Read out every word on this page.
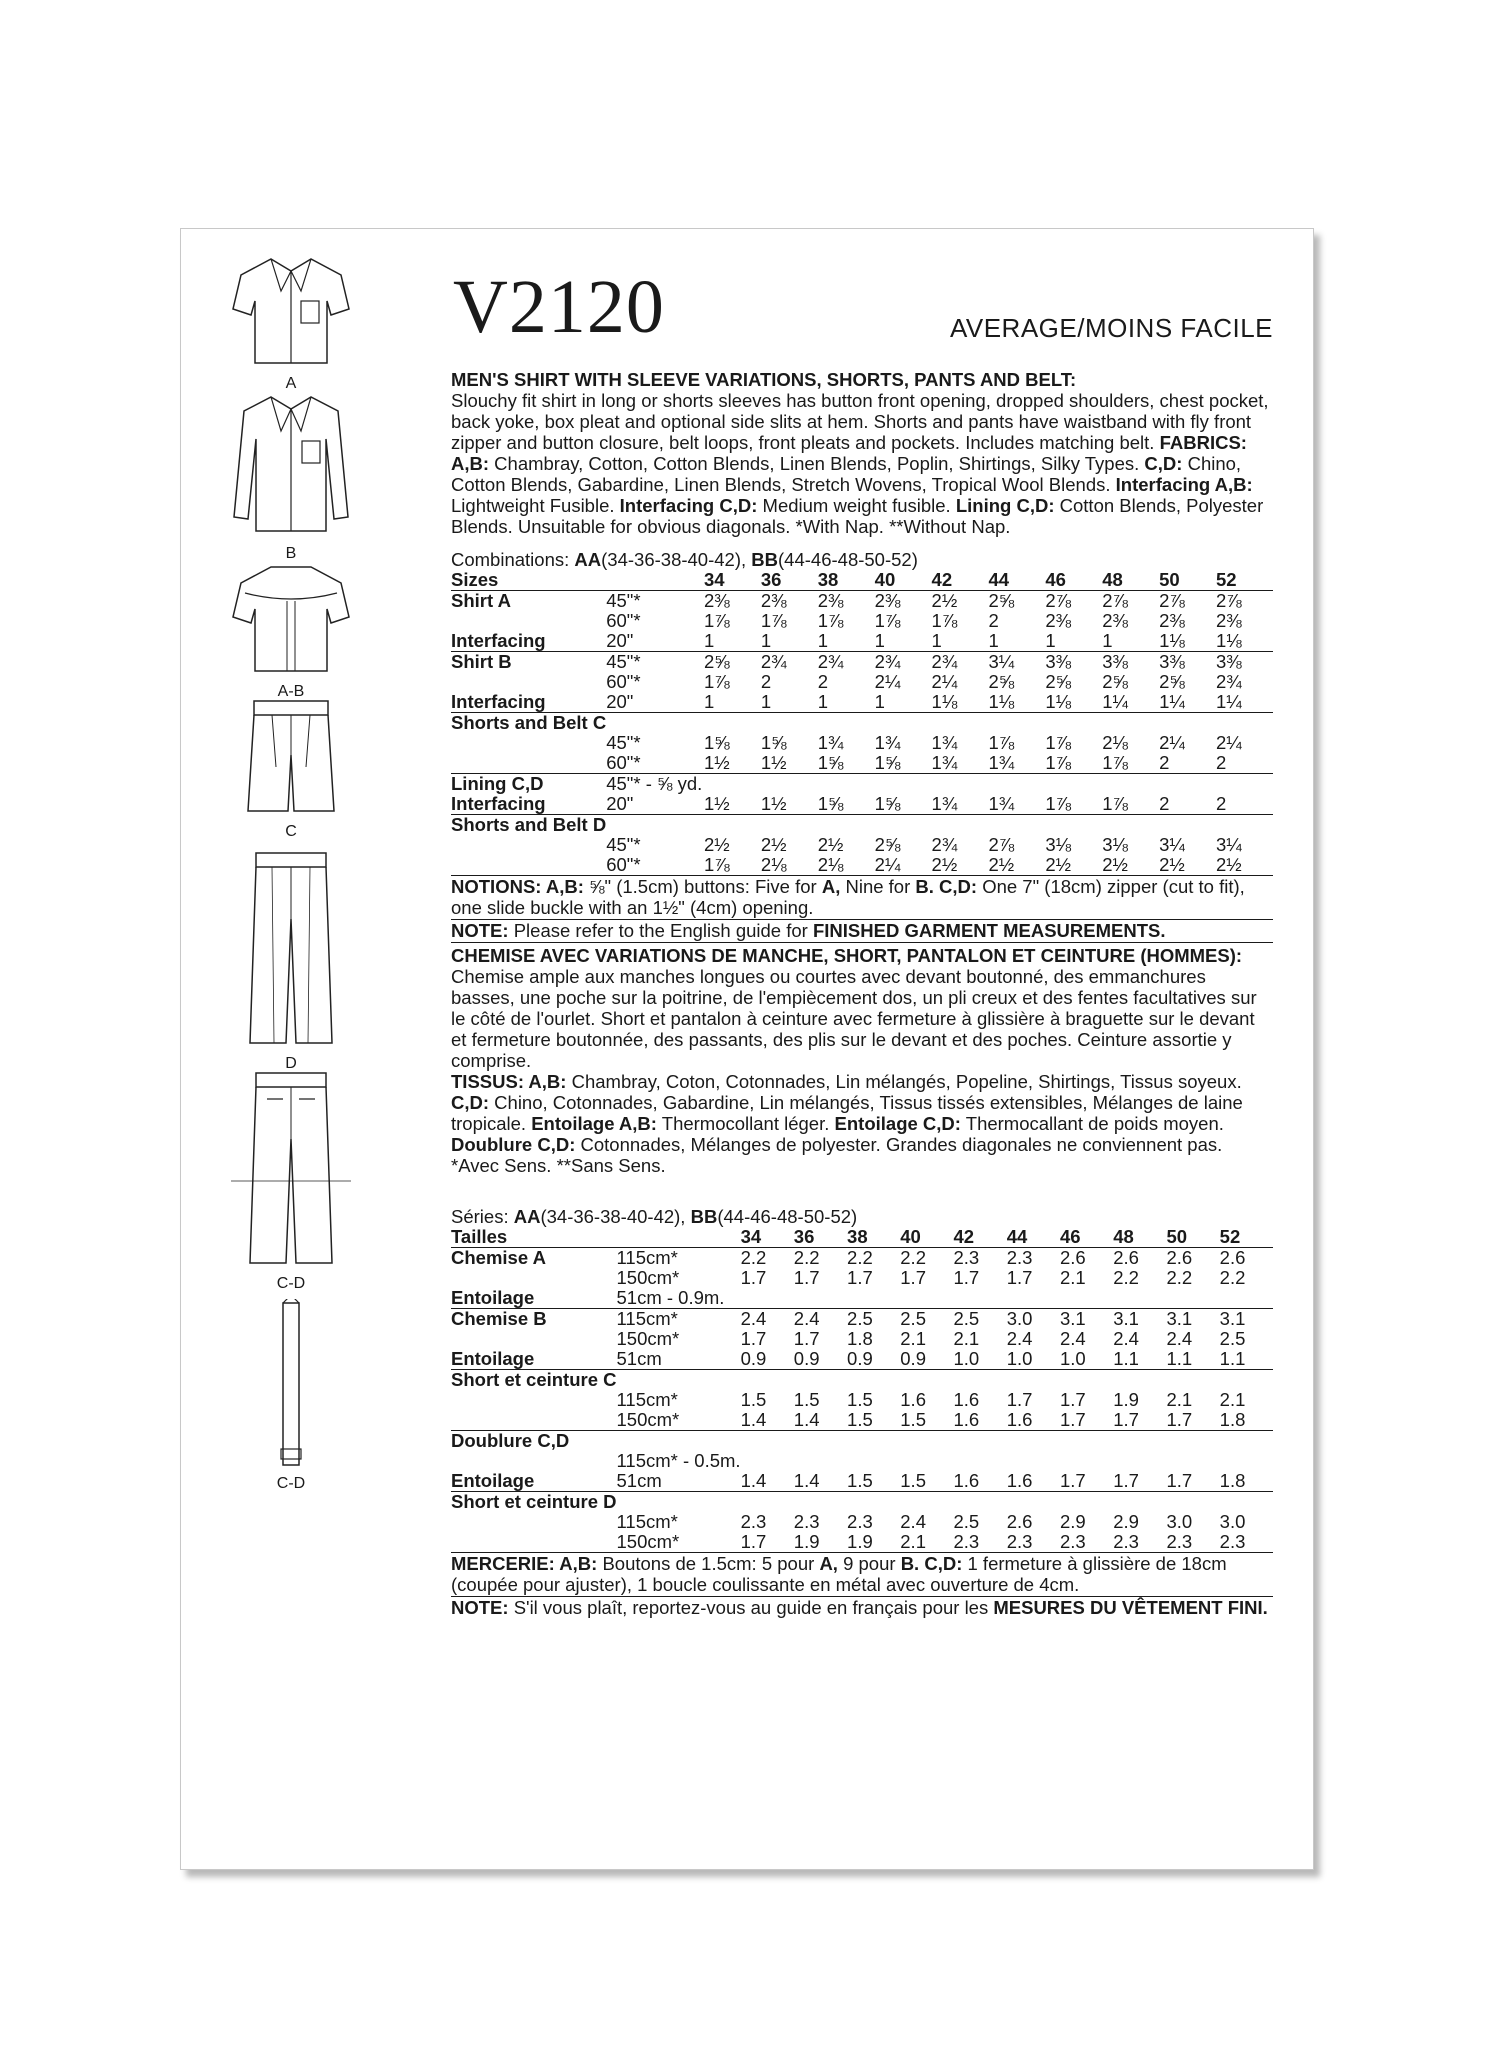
A
B
A-B
C
D
C-D
C-D
V2120	AVERAGE/MOINS FACILE

MEN'S SHIRT WITH SLEEVE VARIATIONS, SHORTS, PANTS AND BELT:
Slouchy fit shirt in long or shorts sleeves has button front opening, dropped shoulders, chest pocket, back yoke, box pleat and optional side slits at hem. Shorts and pants have waistband with fly front zipper and button closure, belt loops, front pleats and pockets. Includes matching belt. FABRICS: A,B: Chambray, Cotton, Cotton Blends, Linen Blends, Poplin, Shirtings, Silky Types. C,D: Chino, Cotton Blends, Gabardine, Linen Blends, Stretch Wovens, Tropical Wool Blends. Interfacing A,B: Lightweight Fusible. Interfacing C,D: Medium weight fusible. Lining C,D: Cotton Blends, Polyester Blends. Unsuitable for obvious diagonals. *With Nap. **Without Nap.

Combinations: AA(34-36-38-40-42), BB(44-46-48-50-52)
Sizes		34	36	38	40	42	44	46	48	50	52
Shirt A	45"*	2⅜	2⅜	2⅜	2⅜	2½	2⅝	2⅞	2⅞	2⅞	2⅞
	60"*	1⅞	1⅞	1⅞	1⅞	1⅞	2	2⅜	2⅜	2⅜	2⅜
Interfacing	20"	1	1	1	1	1	1	1	1	1⅛	1⅛
Shirt B	45"*	2⅝	2¾	2¾	2¾	2¾	3¼	3⅜	3⅜	3⅜	3⅜
	60"*	1⅞	2	2	2¼	2¼	2⅝	2⅝	2⅝	2⅝	2¾
Interfacing	20"	1	1	1	1	1⅛	1⅛	1⅛	1¼	1¼	1¼
Shorts and Belt C											
	45"*	1⅝	1⅝	1¾	1¾	1¾	1⅞	1⅞	2⅛	2¼	2¼
	60"*	1½	1½	1⅝	1⅝	1¾	1¾	1⅞	1⅞	2	2
Lining C,D	45"* - ⅝ yd.										
Interfacing	20"	1½	1½	1⅝	1⅝	1¾	1¾	1⅞	1⅞	2	2
Shorts and Belt D											
	45"*	2½	2½	2½	2⅝	2¾	2⅞	3⅛	3⅛	3¼	3¼
	60"*	1⅞	2⅛	2⅛	2¼	2½	2½	2½	2½	2½	2½
NOTIONS: A,B: ⅝" (1.5cm) buttons: Five for A, Nine for B. C,D: One 7" (18cm) zipper (cut to fit), one slide buckle with an 1½" (4cm) opening.
NOTE: Please refer to the English guide for FINISHED GARMENT MEASUREMENTS.

CHEMISE AVEC VARIATIONS DE MANCHE, SHORT, PANTALON ET CEINTURE (HOMMES): Chemise ample aux manches longues ou courtes avec devant boutonné, des emmanchures basses, une poche sur la poitrine, de l'empiècement dos, un pli creux et des fentes facultatives sur le côté de l'ourlet. Short et pantalon à ceinture avec fermeture à glissière à braguette sur le devant et fermeture boutonnée, des passants, des plis sur le devant et des poches. Ceinture assortie y comprise.
TISSUS: A,B: Chambray, Coton, Cotonnades, Lin mélangés, Popeline, Shirtings, Tissus soyeux. C,D: Chino, Cotonnades, Gabardine, Lin mélangés, Tissus tissés extensibles, Mélanges de laine tropicale. Entoilage A,B: Thermocollant léger. Entoilage C,D: Thermocallant de poids moyen. Doublure C,D: Cotonnades, Mélanges de polyester. Grandes diagonales ne conviennent pas. *Avec Sens. **Sans Sens.

Séries: AA(34-36-38-40-42), BB(44-46-48-50-52)
Tailles		34	36	38	40	42	44	46	48	50	52
Chemise A	115cm*	2.2	2.2	2.2	2.2	2.3	2.3	2.6	2.6	2.6	2.6
	150cm*	1.7	1.7	1.7	1.7	1.7	1.7	2.1	2.2	2.2	2.2
Entoilage	51cm - 0.9m.										
Chemise B	115cm*	2.4	2.4	2.5	2.5	2.5	3.0	3.1	3.1	3.1	3.1
	150cm*	1.7	1.7	1.8	2.1	2.1	2.4	2.4	2.4	2.4	2.5
Entoilage	51cm	0.9	0.9	0.9	0.9	1.0	1.0	1.0	1.1	1.1	1.1
Short et ceinture C											
	115cm*	1.5	1.5	1.5	1.6	1.6	1.7	1.7	1.9	2.1	2.1
	150cm*	1.4	1.4	1.5	1.5	1.6	1.6	1.7	1.7	1.7	1.8
Doublure C,D											
	115cm* - 0.5m.										
Entoilage	51cm	1.4	1.4	1.5	1.5	1.6	1.6	1.7	1.7	1.7	1.8
Short et ceinture D											
	115cm*	2.3	2.3	2.3	2.4	2.5	2.6	2.9	2.9	3.0	3.0
	150cm*	1.7	1.9	1.9	2.1	2.3	2.3	2.3	2.3	2.3	2.3
MERCERIE: A,B: Boutons de 1.5cm: 5 pour A, 9 pour B. C,D: 1 fermeture à glissière de 18cm (coupée pour ajuster), 1 boucle coulissante en métal avec ouverture de 4cm.
NOTE: S'il vous plaît, reportez-vous au guide en français pour les MESURES DU VÊTEMENT FINI.
